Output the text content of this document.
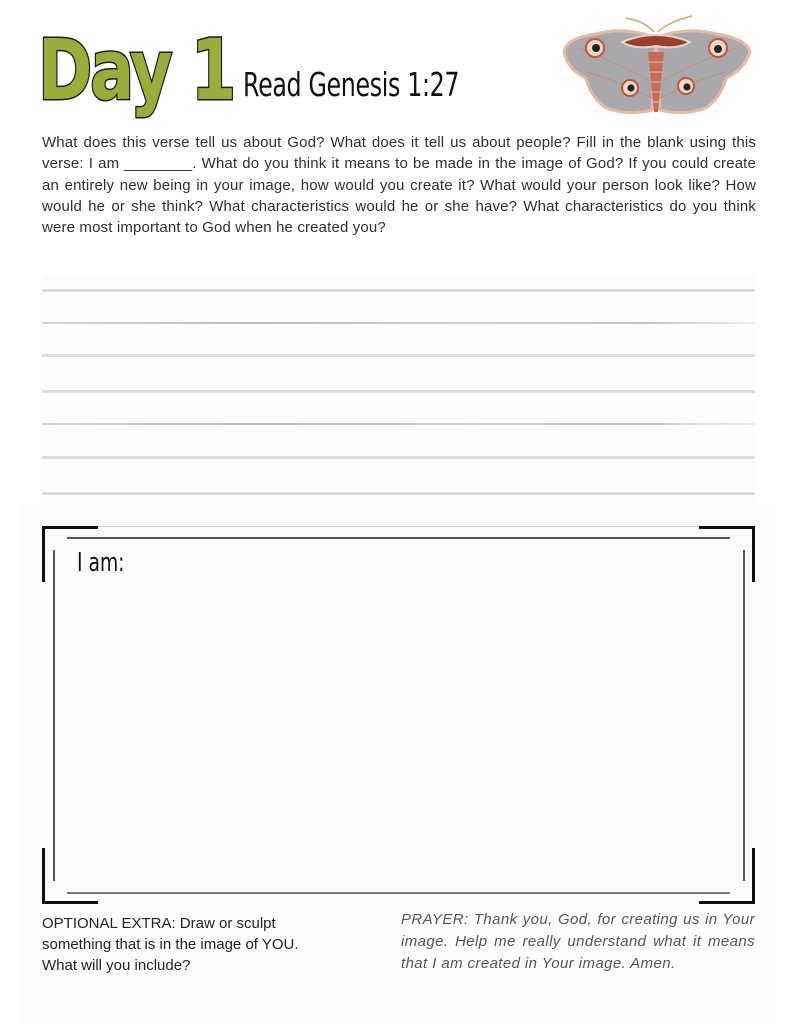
Day 1 Read Genesis 1:27
What does this verse tell us about God? What does it tell us about people? Fill in the blank using this verse: I am ________. What do you think it means to be made in the image of God? If you could create an entirely new being in your image, how would you create it? What would your person look like? How would he or she think? What characteristics would he or she have? What characteristics do you think were most important to God when he created you?
I am:
OPTIONAL EXTRA: Draw or sculpt something that is in the image of YOU. What will you include?
PRAYER: Thank you, God, for creating us in Your image. Help me really understand what it means that I am created in Your image. Amen.
